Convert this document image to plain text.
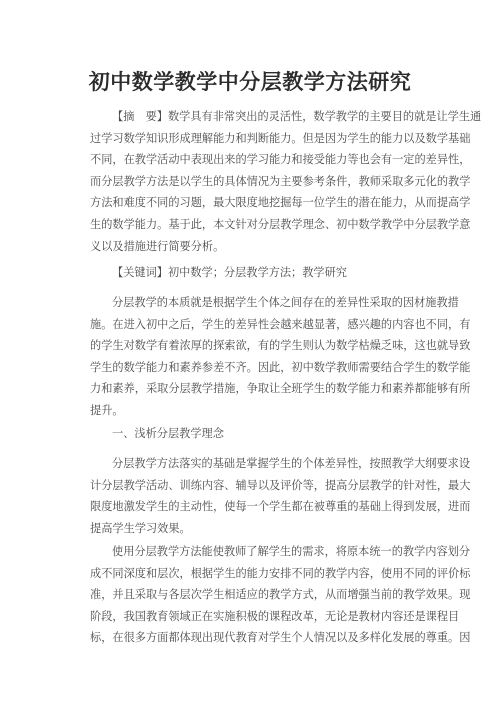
初中数学教学中分层教学方法研究
【摘　要】数学具有非常突出的灵活性，数学教学的主要目的就是让学生通
过学习数学知识形成理解能力和判断能力。但是因为学生的能力以及数学基础
不同，在教学活动中表现出来的学习能力和接受能力等也会有一定的差异性，
而分层教学方法是以学生的具体情况为主要参考条件，教师采取多元化的教学
方法和难度不同的习题，最大限度地挖掘每一位学生的潜在能力，从而提高学
生的数学能力。基于此，本文针对分层教学理念、初中数学教学中分层教学意
义以及措施进行简要分析。
【关键词】初中数学；分层教学方法；教学研究
分层教学的本质就是根据学生个体之间存在的差异性采取的因材施教措
施。在进入初中之后，学生的差异性会越来越显著，感兴趣的内容也不同，有
的学生对数学有着浓厚的探索欲，有的学生则认为数学枯燥乏味，这也就导致
学生的数学能力和素养参差不齐。因此，初中数学教师需要结合学生的数学能
力和素养，采取分层教学措施，争取让全班学生的数学能力和素养都能够有所
提升。
一、浅析分层教学理念
分层教学方法落实的基础是掌握学生的个体差异性，按照教学大纲要求设
计分层教学活动、训练内容、辅导以及评价等，提高分层教学的针对性，最大
限度地激发学生的主动性，使每一个学生都在被尊重的基础上得到发展，进而
提高学生学习效果。
使用分层教学方法能使教师了解学生的需求，将原本统一的教学内容划分
成不同深度和层次，根据学生的能力安排不同的教学内容，使用不同的评价标
准，并且采取与各层次学生相适应的教学方式，从而增强当前的教学效果。现
阶段，我国教育领域正在实施积极的课程改革，无论是教材内容还是课程目
标，在很多方面都体现出现代教育对学生个人情况以及多样化发展的尊重。因
